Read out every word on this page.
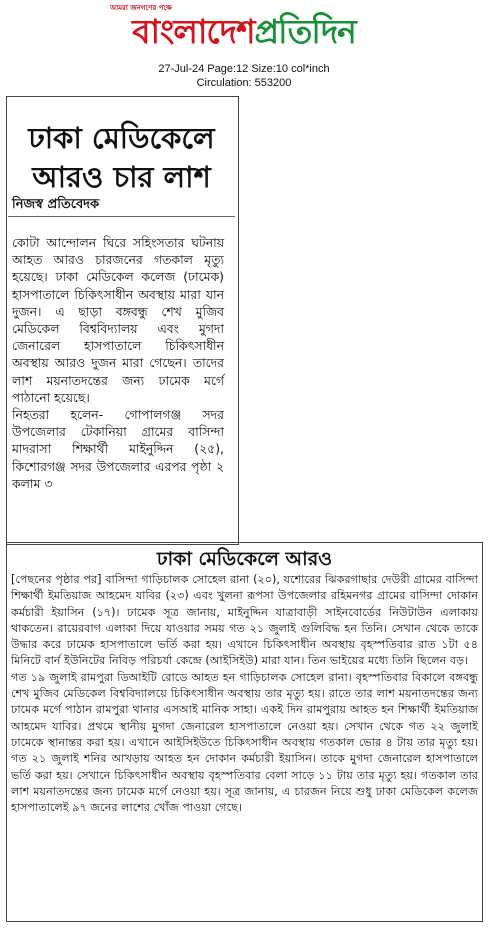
আমরা জনগণের পক্ষে
বাংলাদেশপ্রতিদিন
27-Jul-24 Page:12 Size:10 col*inch
Circulation: 553200
ঢাকা মেডিকেলে
আরও চার লাশ
নিজস্ব প্রতিবেদক

কোটা আন্দোলন ঘিরে সহিংসতার ঘটনায় আহত আরও চারজনের গতকাল মৃত্যু হয়েছে। ঢাকা মেডিকেল কলেজ (ঢামেক) হাসপাতালে চিকিৎসাধীন অবস্থায় মারা যান দুজন। এ ছাড়া বঙ্গবন্ধু শেখ মুজিব মেডিকেল বিশ্ববিদ্যালয় এবং মুগদা জেনারেল হাসপাতালে চিকিৎসাধীন অবস্থায় আরও দুজন মারা গেছেন। তাদের লাশ ময়নাতদন্তের জন্য ঢামেক মর্গে পাঠানো হয়েছে।

নিহতরা হলেন- গোপালগঞ্জ সদর উপজেলার টেকানিয়া গ্রামের বাসিন্দা মাদরাসা শিক্ষার্থী মাইনুদ্দিন (২৫), কিশোরগঞ্জ সদর উপজেলার এরপর পৃষ্ঠা ২ কলাম ৩

ঢাকা মেডিকেলে আরও

[পেছনের পৃষ্ঠার পর] বাসিন্দা গাড়িচালক সোহেল রানা (২০), যশোরের ঝিকরগাছার দেউরী গ্রামের বাসিন্দা শিক্ষার্থী ইমতিয়াজ আহমেদ যাবির (২৩) এবং খুলনা রূপসা উপজেলার রহিমনগর গ্রামের বাসিন্দা দোকান কর্মচারী ইয়াসিন (১৭)। ঢামেক সূত্র জানায়, মাইনুদ্দিন যাত্রাবাড়ী সাইনবোর্ডের নিউটাউন এলাকায় থাকতেন। রায়েরবাগ এলাকা দিয়ে যাওয়ার সময় গত ২১ জুলাই গুলিবিদ্ধ হন তিনি। সেখান থেকে তাকে উদ্ধার করে ঢামেক হাসপাতালে ভর্তি করা হয়। এখানে চিকিৎসাধীন অবস্থায় বৃহস্পতিবার রাত ১টা ৫৪ মিনিটে বার্ন ইউনিটের নিবিড় পরিচর্যা কেন্দ্রে (আইসিইউ) মারা যান। তিন ভাইয়ের মধ্যে তিনি ছিলেন বড়।

গত ১৯ জুলাই রামপুরা ডিআইটি রোডে আহত হন গাড়িচালক সোহেল রানা। বৃহস্পতিবার বিকালে বঙ্গবন্ধু শেখ মুজিব মেডিকেল বিশ্ববিদ্যালয়ে চিকিৎসাধীন অবস্থায় তার মৃত্যু হয়। রাতে তার লাশ ময়নাতদন্তের জন্য ঢামেক মর্গে পাঠান রামপুরা থানার এসআই মানিক সাহা। একই দিন রামপুরায় আহত হন শিক্ষার্থী ইমতিয়াজ আহমেদ যাবির। প্রথমে স্থানীয় মুগদা জেনারেল হাসপাতালে নেওয়া হয়। সেখান থেকে গত ২২ জুলাই ঢামেকে স্থানান্তর করা হয়। এখানে আইসিইউতে চিকিৎসাধীন অবস্থায় গতকাল ভোর ৪ টায় তার মৃত্যু হয়। গত ২১ জুলাই শনির আখড়ায় আহত হন দোকান কর্মচারী ইয়াসিন। তাকে মুগদা জেনারেল হাসপাতালে ভর্তি করা হয়। সেখানে চিকিৎসাধীন অবস্থায় বৃহস্পতিবার বেলা সাড়ে ১১ টায় তার মৃত্যু হয়। গতকাল তার লাশ ময়নাতদন্তের জন্য ঢামেক মর্গে নেওয়া হয়। সূত্র জানায়, এ চারজন নিয়ে শুধু ঢাকা মেডিকেল কলেজ হাসপাতালেই ৯৭ জনের লাশের খোঁজ পাওয়া গেছে।
